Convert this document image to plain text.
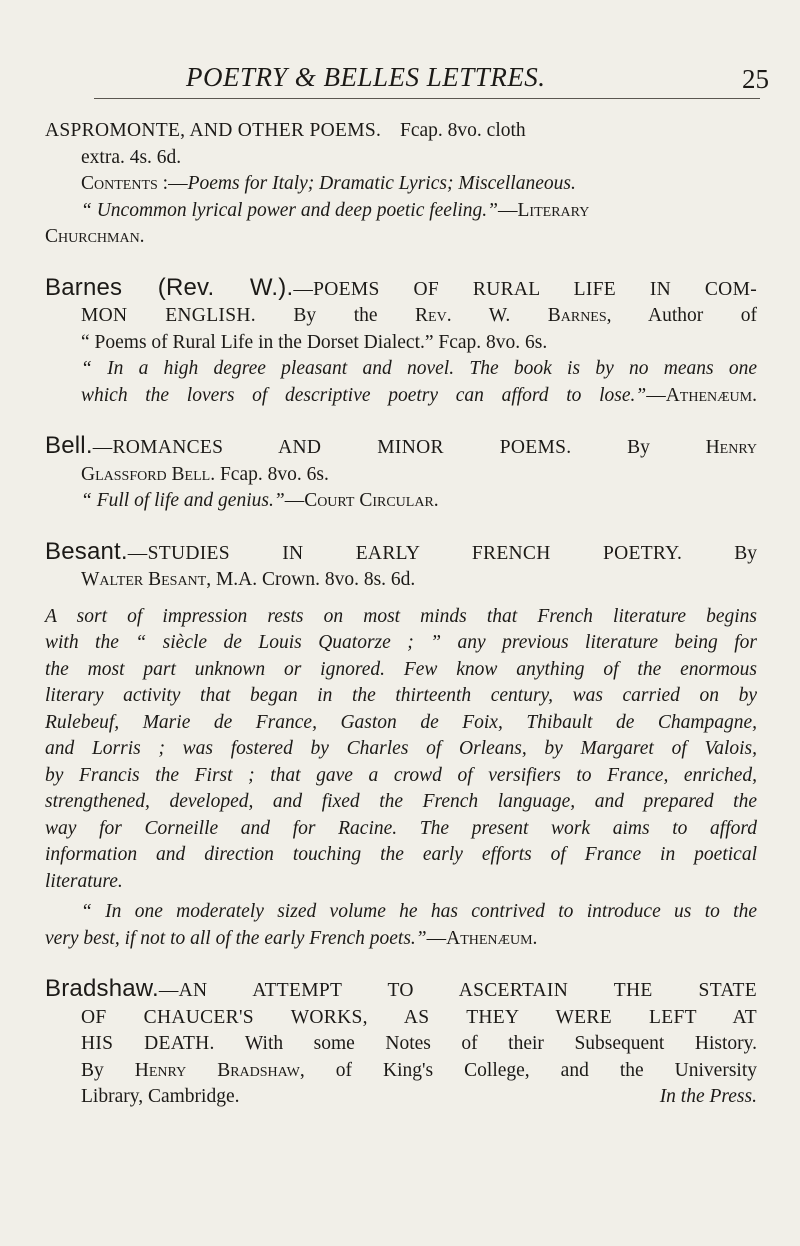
POETRY & BELLES LETTRES.	25
ASPROMONTE, AND OTHER POEMS. Fcap. 8vo. cloth
extra. 4s. 6d.
Contents :—Poems for Italy; Dramatic Lyrics; Miscellaneous.
“ Uncommon lyrical power and deep poetic feeling.”—Literary
Churchman.
Barnes (Rev. W.).—POEMS OF RURAL LIFE IN COM-
MON ENGLISH. By the Rev. W. Barnes, Author of
“ Poems of Rural Life in the Dorset Dialect.” Fcap. 8vo. 6s.
“ In a high degree pleasant and novel. The book is by no means one
which the lovers of descriptive poetry can afford to lose.”—Athenæum.
Bell.—ROMANCES AND MINOR POEMS.	By	Henry
Glassford Bell. Fcap. 8vo. 6s.
“ Full of life and genius.”—Court Circular.
Besant.—STUDIES IN EARLY FRENCH POETRY.	By
Walter Besant, M.A. Crown. 8vo. 8s. 6d.
A sort of impression rests on most minds that French literature begins
with the “ siècle de Louis Quatorze ; ” any previous literature being for
the most part unknown or ignored. Few know anything of the enormous
literary activity that began in the thirteenth century, was carried on by
Rulebeuf, Marie de France, Gaston de Foix, Thibault de Champagne,
and Lorris ; was fostered by Charles of Orleans, by Margaret of Valois,
by Francis the First ; that gave a crowd of versifiers to France, enriched,
strengthened, developed, and fixed the French language, and prepared the
way for Corneille and for Racine. The present work aims to afford
information and direction touching the early efforts of France in poetical
literature.
“ In one moderately sized volume he has contrived to introduce us to the
very best, if not to all of the early French poets.”—Athenæum.
Bradshaw.—AN ATTEMPT TO ASCERTAIN THE STATE
OF CHAUCER'S WORKS, AS THEY WERE LEFT AT
HIS DEATH. With some Notes of their Subsequent History.
By Henry Bradshaw, of King's College, and the University
Library, Cambridge.	In the Press.
